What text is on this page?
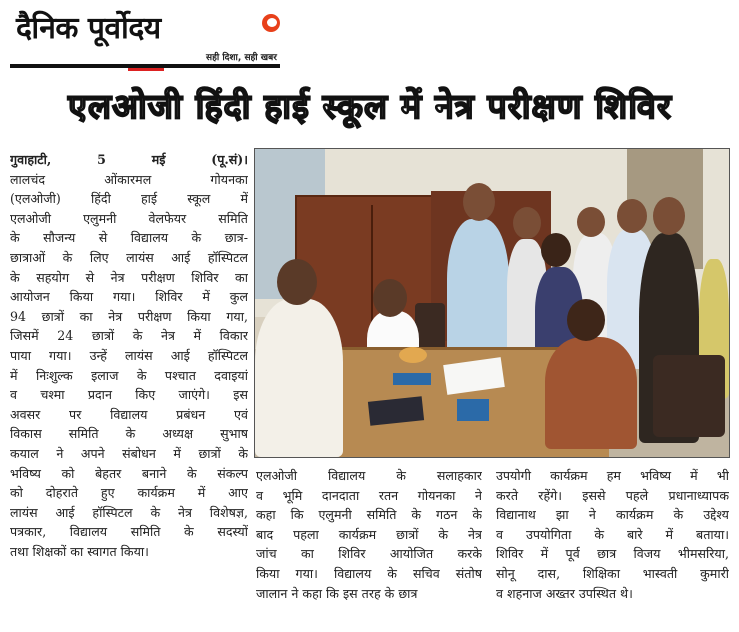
दैनिक पूर्वोदय
सही दिशा, सही खबर
एलओजी हिंदी हाई स्कूल में नेत्र परीक्षण शिविर
गुवाहाटी, 5 मई (पू.सं)।
लालचंद ओंकारमल गोयनका
(एलओजी) हिंदी हाई स्कूल में
एलओजी एलुमनी वेलफेयर समिति
के सौजन्य से विद्यालय के छात्र-
छात्राओं के लिए लायंस आई हॉस्पिटल
के सहयोग से नेत्र परीक्षण शिविर का
आयोजन किया गया। शिविर में कुल
94 छात्रों का नेत्र परीक्षण किया गया,
जिसमें 24 छात्रों के नेत्र में विकार
पाया गया। उन्हें लायंस आई हॉस्पिटल
में निःशुल्क इलाज के पश्चात दवाइयां
व चश्मा प्रदान किए जाएंगे। इस
अवसर पर विद्यालय प्रबंधन एवं
विकास समिति के अध्यक्ष सुभाष
कयाल ने अपने संबोधन में छात्रों के
भविष्य को बेहतर बनाने के संकल्प
को दोहराते हुए कार्यक्रम में आए
लायंस आई हॉस्पिटल के नेत्र विशेषज्ञ,
पत्रकार, विद्यालय समिति के सदस्यों
तथा शिक्षकों का स्वागत किया।
एलओजी विद्यालय के सलाहकार
व भूमि दानदाता रतन गोयनका ने
कहा कि एलुमनी समिति के गठन के
बाद पहला कार्यक्रम छात्रों के नेत्र
जांच का शिविर आयोजित करके
किया गया। विद्यालय के सचिव संतोष
जालान ने कहा कि इस तरह के छात्र
उपयोगी कार्यक्रम हम भविष्य में भी
करते रहेंगे। इससे पहले प्रधानाध्यापक
विद्यानाथ झा ने कार्यक्रम के उद्देश्य
व उपयोगिता के बारे में बताया।
शिविर में पूर्व छात्र विजय भीमसरिया,
सोनू दास, शिक्षिका भास्वती कुमारी
व शहनाज अख्तर उपस्थित थे।
